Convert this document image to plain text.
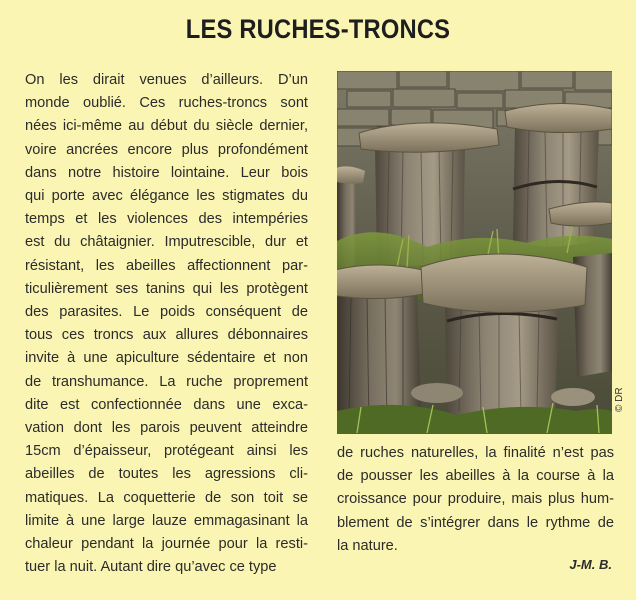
LES RUCHES-TRONCS
On les dirait venues d’ailleurs. D’un
monde oublié. Ces ruches-troncs sont
nées ici-même au début du siècle dernier,
voire ancrées encore plus profondément
dans notre histoire lointaine. Leur bois
qui porte avec élégance les stigmates du
temps et les violences des intempéries
est du châtaignier. Imputrescible, dur et
résistant, les abeilles affectionnent par-
ticulièrement ses tanins qui les protègent
des parasites. Le poids conséquent de
tous ces troncs aux allures débonnaires
invite à une apiculture sédentaire et non
de transhumance. La ruche proprement
dite est confectionnée dans une exca-
vation dont les parois peuvent atteindre
15cm d’épaisseur, protégeant ainsi les
abeilles de toutes les agressions cli-
matiques. La coquetterie de son toit se
limite à une large lauze emmagasinant la
chaleur pendant la journée pour la resti-
tuer la nuit. Autant dire qu’avec ce type
© DR
de ruches naturelles, la finalité n’est pas
de pousser les abeilles à la course à la
croissance pour produire, mais plus hum-
blement de s’intégrer dans le rythme de
la nature.
J-M. B.
